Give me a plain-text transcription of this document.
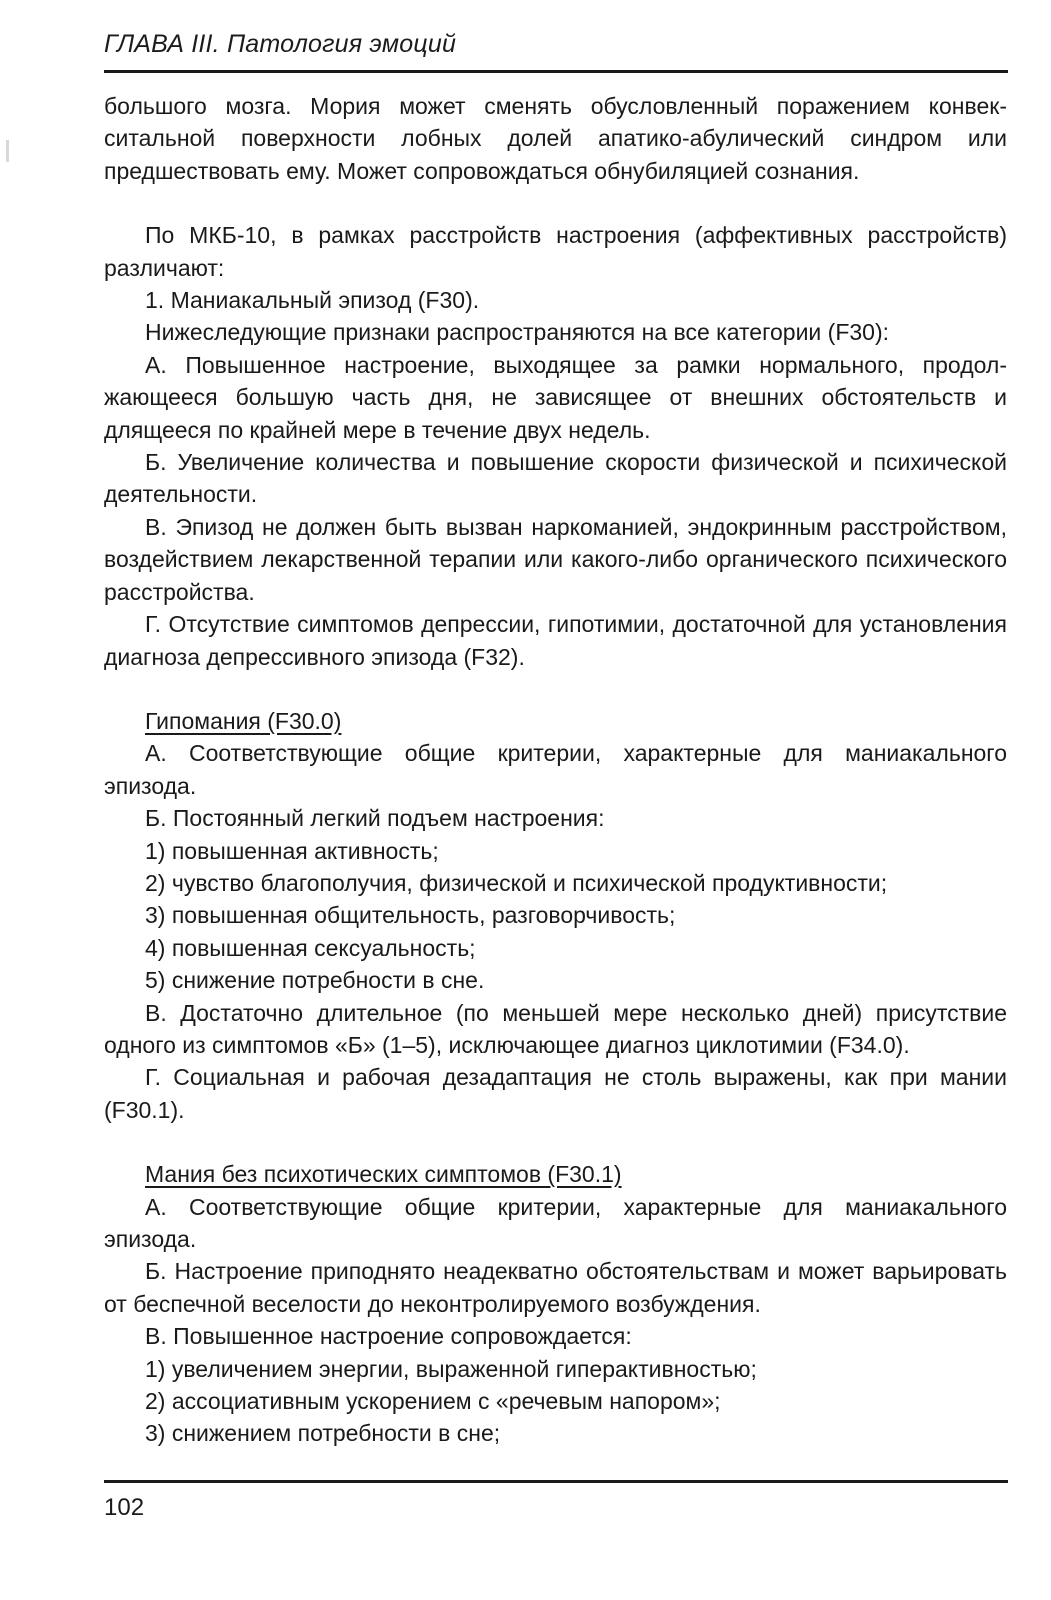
ГЛАВА III. Патология эмоций

большого мозга. Мория может сменять обусловленный поражением конвекситальной поверхности лобных долей апатико-абулический синдром или предшествовать ему. Может сопровождаться обнубиляцией сознания.

По МКБ-10, в рамках расстройств настроения (аффективных расстройств) различают:

1. Маниакальный эпизод (F30).

Нижеследующие признаки распространяются на все категории (F30):

А. Повышенное настроение, выходящее за рамки нормального, продолжающееся большую часть дня, не зависящее от внешних обстоятельств и длящееся по крайней мере в течение двух недель.

Б. Увеличение количества и повышение скорости физической и психической деятельности.

В. Эпизод не должен быть вызван наркоманией, эндокринным расстройством, воздействием лекарственной терапии или какого-либо органического психического расстройства.

Г. Отсутствие симптомов депрессии, гипотимии, достаточной для установления диагноза депрессивного эпизода (F32).

Гипомания (F30.0)

А. Соответствующие общие критерии, характерные для маниакального эпизода.

Б. Постоянный легкий подъем настроения:

1) повышенная активность;

2) чувство благополучия, физической и психической продуктивности;

3) повышенная общительность, разговорчивость;

4) повышенная сексуальность;

5) снижение потребности в сне.

В. Достаточно длительное (по меньшей мере несколько дней) присутствие одного из симптомов «Б» (1–5), исключающее диагноз циклотимии (F34.0).

Г. Социальная и рабочая дезадаптация не столь выражены, как при мании (F30.1).

Мания без психотических симптомов (F30.1)

А. Соответствующие общие критерии, характерные для маниакального эпизода.

Б. Настроение приподнято неадекватно обстоятельствам и может варьировать от беспечной веселости до неконтролируемого возбуждения.

В. Повышенное настроение сопровождается:

1) увеличением энергии, выраженной гиперактивностью;

2) ассоциативным ускорением с «речевым напором»;

3) снижением потребности в сне;

102
